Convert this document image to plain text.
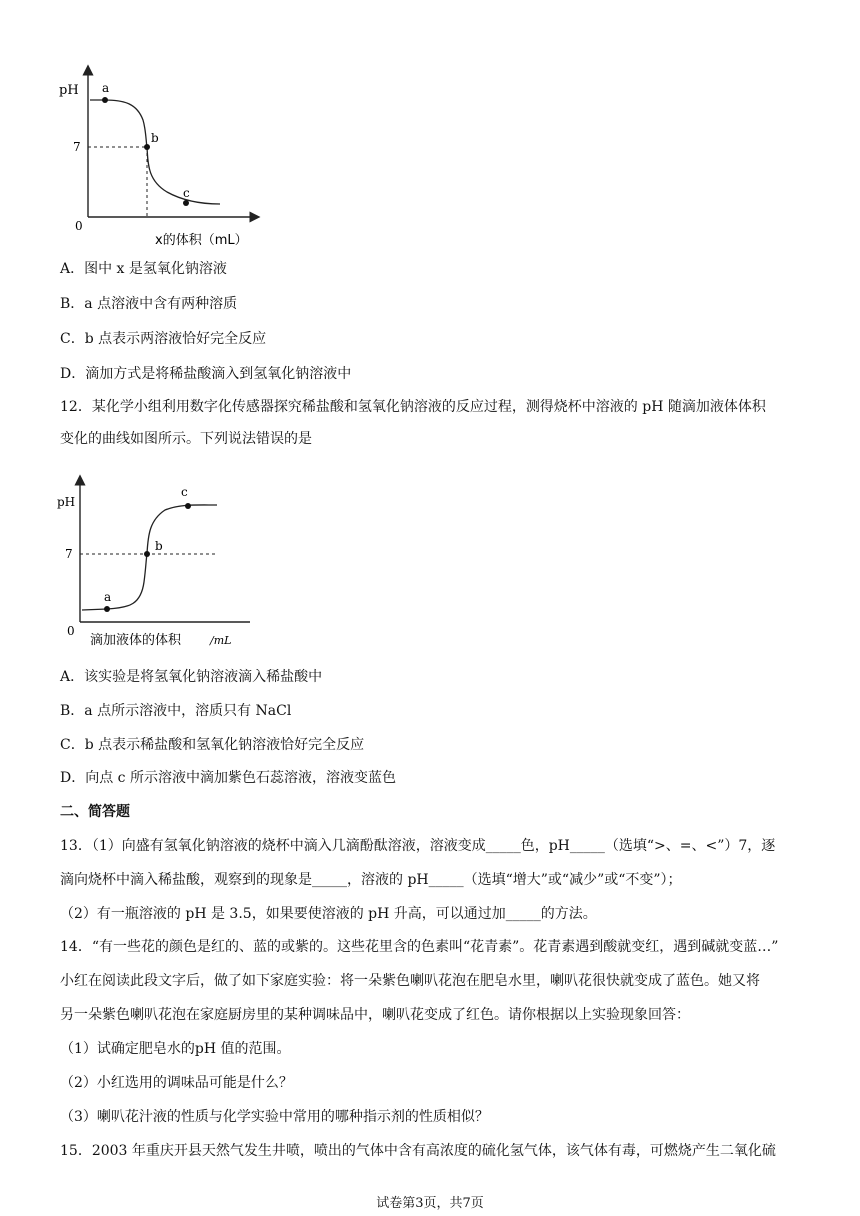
pH
7
0
a
b
c
x的体积（mL）
A．图中 x 是氢氧化钠溶液
B．a 点溶液中含有两种溶质
C．b 点表示两溶液恰好完全反应
D．滴加方式是将稀盐酸滴入到氢氧化钠溶液中
12．某化学小组利用数字化传感器探究稀盐酸和氢氧化钠溶液的反应过程，测得烧杯中溶液的 pH 随滴加液体体积
变化的曲线如图所示。下列说法错误的是
pH
7
0
a
b
c
滴加液体的体积	/mL
A．该实验是将氢氧化钠溶液滴入稀盐酸中
B．a 点所示溶液中，溶质只有 NaCl
C．b 点表示稀盐酸和氢氧化钠溶液恰好完全反应
D．向点 c 所示溶液中滴加紫色石蕊溶液，溶液变蓝色
二、简答题
13．（1）向盛有氢氧化钠溶液的烧杯中滴入几滴酚酞溶液，溶液变成_____色，pH_____（选填“>、=、<”）7，逐
滴向烧杯中滴入稀盐酸，观察到的现象是_____，溶液的 pH_____（选填“增大”或“减少”或“不变”）；
（2）有一瓶溶液的 pH 是 3.5，如果要使溶液的 pH 升高，可以通过加_____的方法。
14．“有一些花的颜色是红的、蓝的或紫的。这些花里含的色素叫“花青素”。花青素遇到酸就变红，遇到碱就变蓝…”
小红在阅读此段文字后，做了如下家庭实验：将一朵紫色喇叭花泡在肥皂水里，喇叭花很快就变成了蓝色。她又将
另一朵紫色喇叭花泡在家庭厨房里的某种调味品中，喇叭花变成了红色。请你根据以上实验现象回答：
（1）试确定肥皂水的pH 值的范围。
（2）小红选用的调味品可能是什么？
（3）喇叭花汁液的性质与化学实验中常用的哪种指示剂的性质相似？
15．2003 年重庆开县天然气发生井喷，喷出的气体中含有高浓度的硫化氢气体，该气体有毒，可燃烧产生二氧化硫
试卷第3页，共7页
